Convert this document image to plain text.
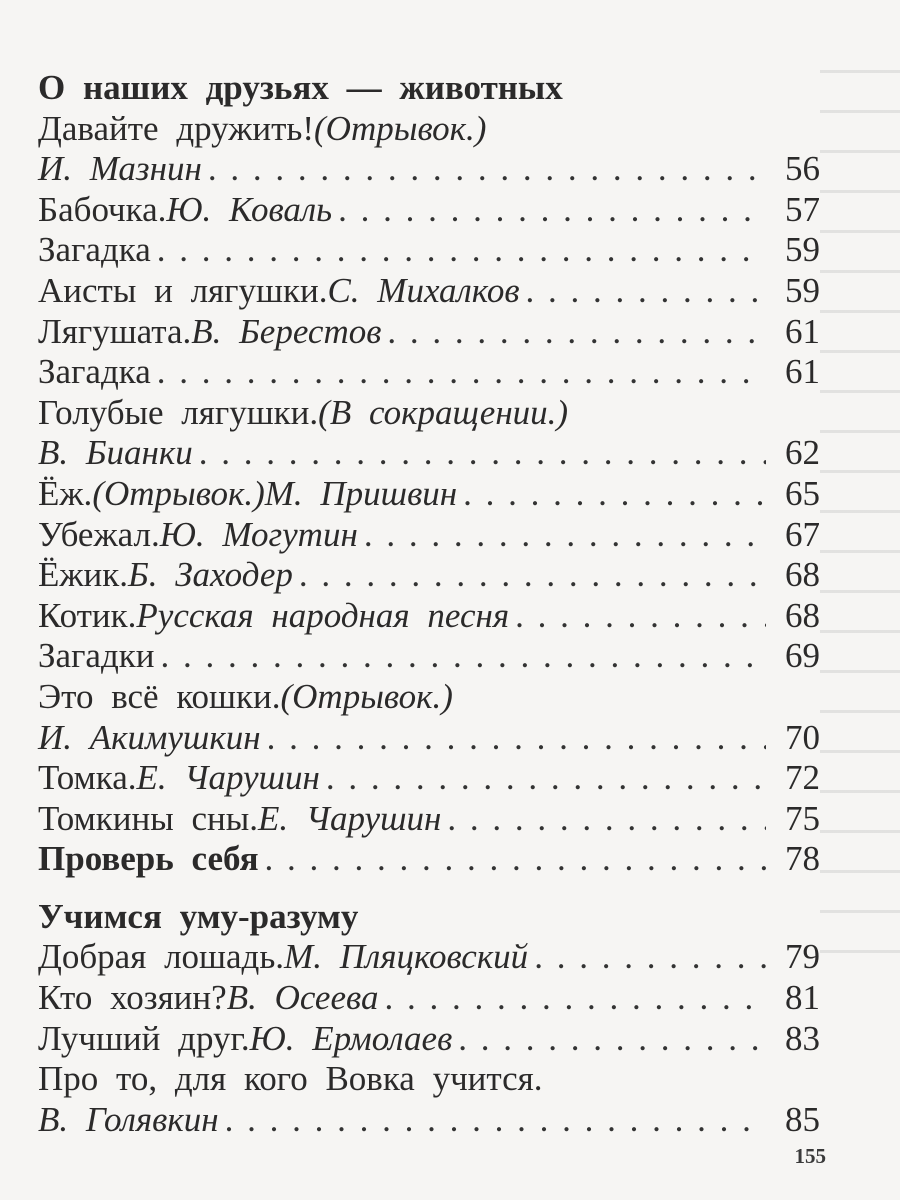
О наших друзьях — животных
Давайте дружить! (Отрывок.)
И. Мазнин . . .	56
Бабочка. Ю. Коваль . . .	57
Загадка . . .	59
Аисты и лягушки. С. Михалков . . .	59
Лягушата. В. Берестов . . .	61
Загадка . . .	61
Голубые лягушки. (В сокращении.)
В. Бианки . . .	62
Ёж. (Отрывок.) М. Пришвин . . .	65
Убежал. Ю. Могутин . . .	67
Ёжик. Б. Заходер . . .	68
Котик. Русская народная песня . . .	68
Загадки . . .	69
Это всё кошки. (Отрывок.)
И. Акимушкин . . .	70
Томка. Е. Чарушин . . .	72
Томкины сны. Е. Чарушин . . .	75
Проверь себя . . .	78
Учимся уму-разуму
Добрая лошадь. М. Пляцковский . . .	79
Кто хозяин? В. Осеева . . .	81
Лучший друг. Ю. Ермолаев . . .	83
Про то, для кого Вовка учится.
В. Голявкин . . .	85
155
